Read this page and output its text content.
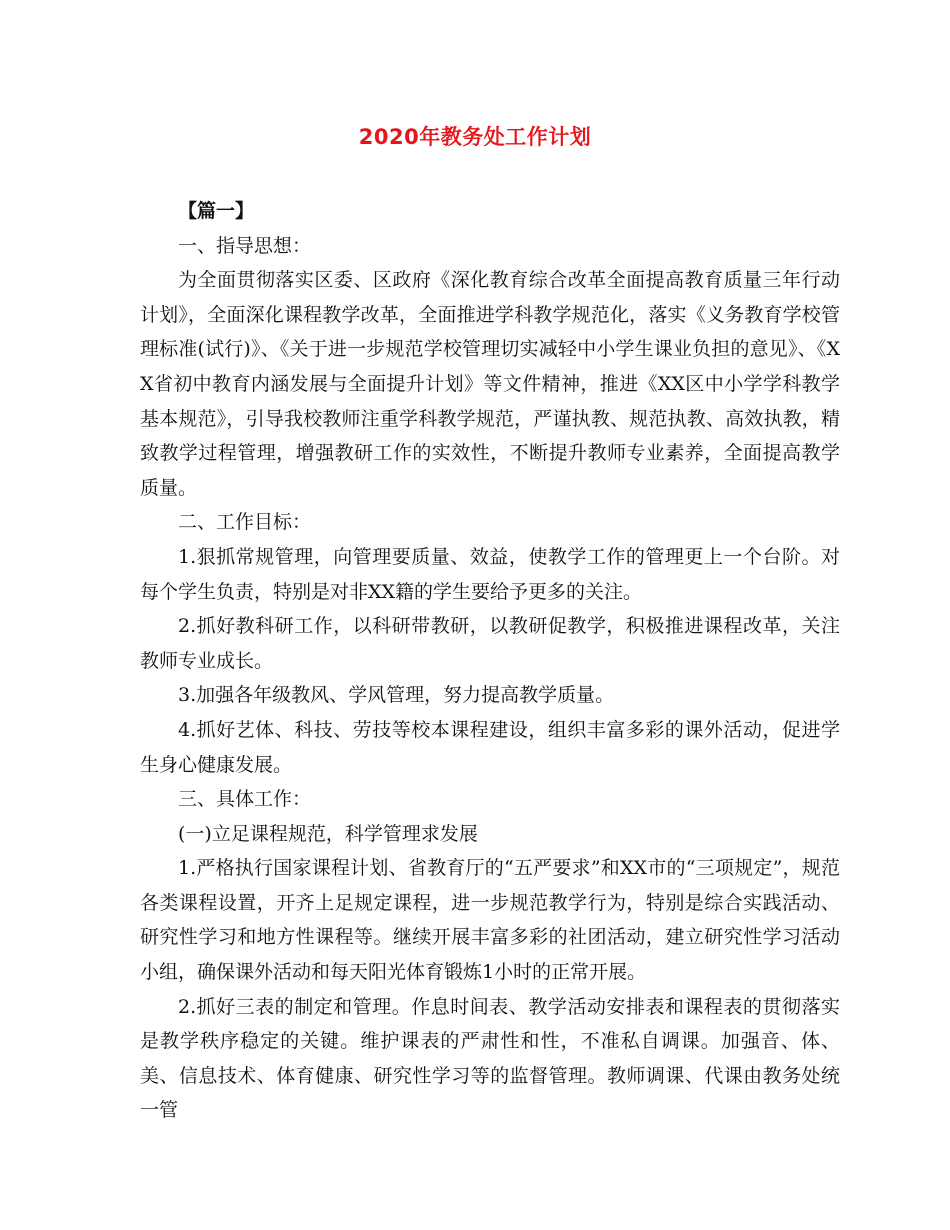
2020年教务处工作计划

【篇一】

一、指导思想：

为全面贯彻落实区委、区政府《深化教育综合改革全面提高教育质量三年行动计划》，全面深化课程教学改革，全面推进学科教学规范化，落实《义务教育学校管理标准(试行)》、《关于进一步规范学校管理切实减轻中小学生课业负担的意见》、《XX省初中教育内涵发展与全面提升计划》等文件精神，推进《XX区中小学学科教学基本规范》，引导我校教师注重学科教学规范，严谨执教、规范执教、高效执教，精致教学过程管理，增强教研工作的实效性，不断提升教师专业素养，全面提高教学质量。

二、工作目标：

1.狠抓常规管理，向管理要质量、效益，使教学工作的管理更上一个台阶。对每个学生负责，特别是对非XX籍的学生要给予更多的关注。

2.抓好教科研工作，以科研带教研，以教研促教学，积极推进课程改革，关注教师专业成长。

3.加强各年级教风、学风管理，努力提高教学质量。

4.抓好艺体、科技、劳技等校本课程建设，组织丰富多彩的课外活动，促进学生身心健康发展。

三、具体工作：

(一)立足课程规范，科学管理求发展

1.严格执行国家课程计划、省教育厅的“五严要求”和XX市的“三项规定”，规范各类课程设置，开齐上足规定课程，进一步规范教学行为，特别是综合实践活动、研究性学习和地方性课程等。继续开展丰富多彩的社团活动，建立研究性学习活动小组，确保课外活动和每天阳光体育锻炼1小时的正常开展。

2.抓好三表的制定和管理。作息时间表、教学活动安排表和课程表的贯彻落实是教学秩序稳定的关键。维护课表的严肃性和性，不准私自调课。加强音、体、美、信息技术、体育健康、研究性学习等的监督管理。教师调课、代课由教务处统一管
